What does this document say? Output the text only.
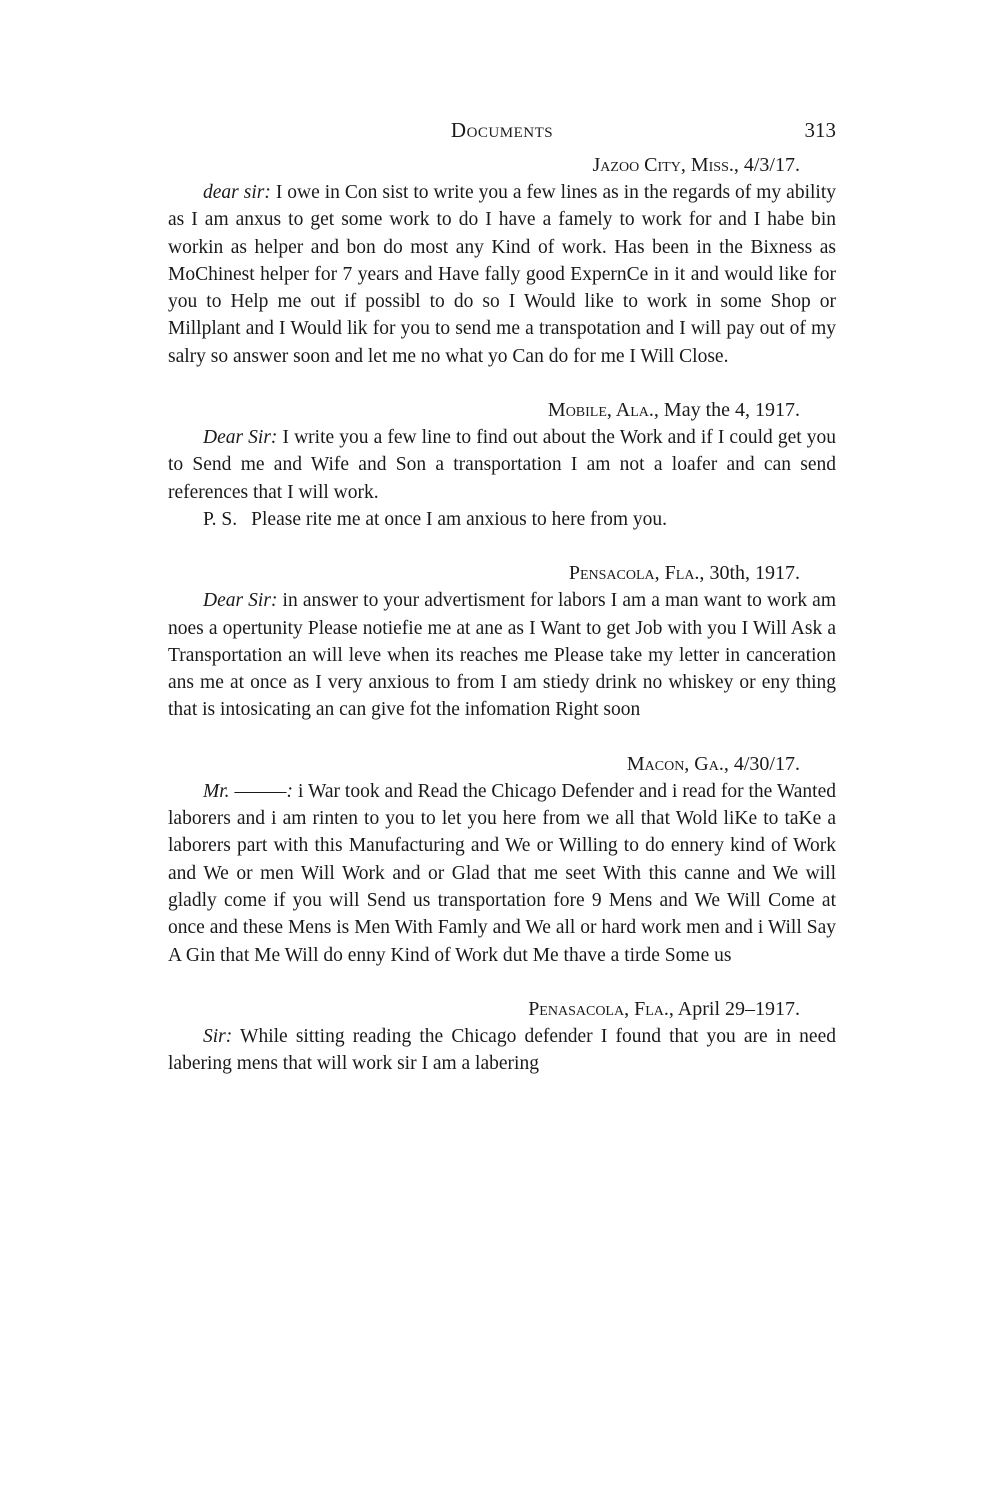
Documents	313
Jazoo City, Miss., 4/3/17.

dear sir: I owe in Con sist to write you a few lines as in the regards of my ability as I am anxus to get some work to do I have a famely to work for and I habe bin workin as helper and bon do most any Kind of work. Has been in the Bixness as MoChinest helper for 7 years and Have fally good ExpernCe in it and would like for you to Help me out if possibl to do so I Would like to work in some Shop or Millplant and I Would lik for you to send me a transpotation and I will pay out of my salry so answer soon and let me no what yo Can do for me I Will Close.

Mobile, Ala., May the 4, 1917.

Dear Sir: I write you a few line to find out about the Work and if I could get you to Send me and Wife and Son a transportation I am not a loafer and can send references that I will work.

P. S. Please rite me at once I am anxious to here from you.

Pensacola, Fla., 30th, 1917.

Dear Sir: in answer to your advertisment for labors I am a man want to work am noes a opertunity Please notiefie me at ane as I Want to get Job with you I Will Ask a Transportation an will leve when its reaches me Please take my letter in canceration ans me at once as I very anxious to from I am stiedy drink no whiskey or eny thing that is intosicating an can give fot the infomation Right soon

Macon, Ga., 4/30/17.

Mr. ———: i War took and Read the Chicago Defender and i read for the Wanted laborers and i am rinten to you to let you here from we all that Wold liKe to taKe a laborers part with this Manufacturing and We or Willing to do ennery kind of Work and We or men Will Work and or Glad that me seet With this canne and We will gladly come if you will Send us transportation fore 9 Mens and We Will Come at once and these Mens is Men With Famly and We all or hard work men and i Will Say A Gin that Me Will do enny Kind of Work dut Me thave a tirde Some us

Penasacola, Fla., April 29–1917.

Sir: While sitting reading the Chicago defender I found that you are in need labering mens that will work sir I am a labering
